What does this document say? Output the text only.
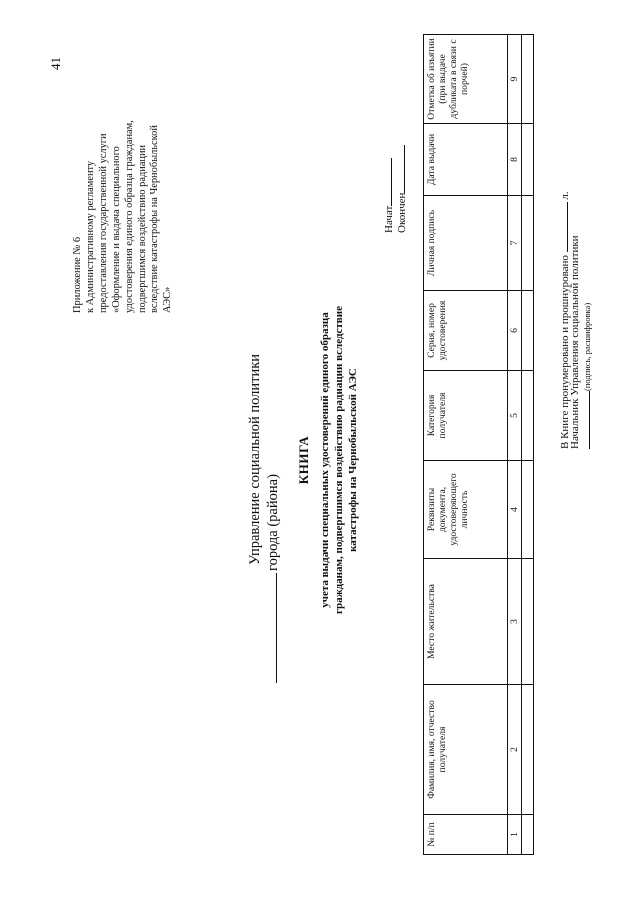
41
Приложение № 6 к Административному регламенту предоставления государственной услуги «Оформление и выдача специального удостоверения единого образца гражданам, подвергшимся воздействию радиации вследствие катастрофы на Чернобыльской АЭС»
Управление социальной политики города (района)
КНИГА учета выдачи специальных удостоверений единого образца гражданам, подвергшимся воздействию радиации вследствие катастрофы на Чернобыльской АЭС
Начат Окончен
№ п/п	Фамилия, имя, отчество получателя	Место жительства	Реквизиты документа, удостоверяющего личность	Категория получателя	Серия, номер удостоверения	Личная подпись	Дата выдачи	Отметка об изъятии (при выдаче дубликата в связи с порчей)
1	2	3	4	5	6	7	8	9

В Книге пронумеровано и прошнуровано  л.
Начальник Управления социальной политики (подпись, расшифровка)
